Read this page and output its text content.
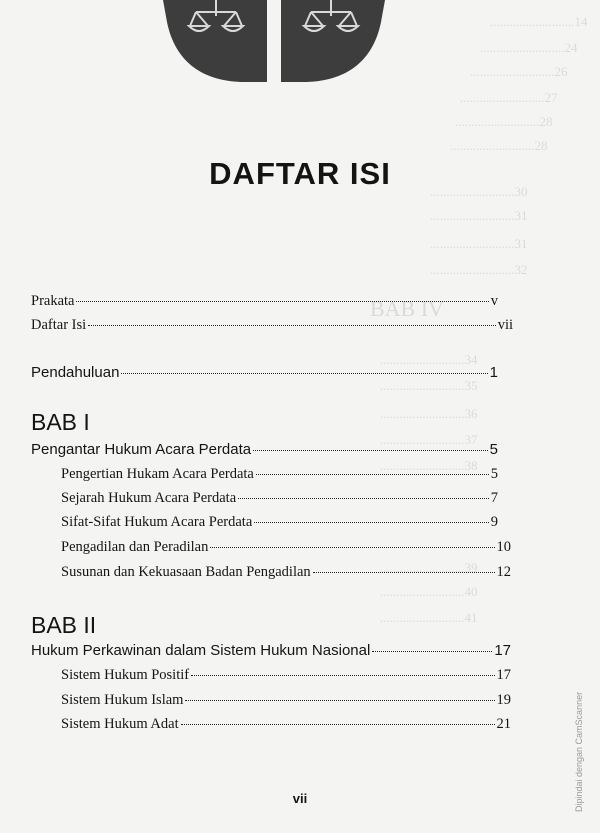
..........................14
..........................24
..........................26
..........................27
..........................28
..........................28
..........................30
..........................31
..........................31
..........................32
BAB IV
..........................34
..........................35
..........................36
..........................37
..........................38
..........................39
..........................40
..........................41
DAFTAR ISI
Prakata	v
Daftar Isi	vii
Pendahuluan	1
BAB I
Pengantar Hukum Acara Perdata	5
Pengertian Hukam Acara Perdata	5
Sejarah Hukum Acara Perdata	7
Sifat-Sifat Hukum Acara Perdata	9
Pengadilan dan Peradilan	10
Susunan dan Kekuasaan Badan Pengadilan	12
BAB II
Hukum Perkawinan dalam Sistem Hukum Nasional	17
Sistem Hukum Positif	17
Sistem Hukum Islam	19
Sistem Hukum Adat	21
vii	Dipindai dengan CamScanner
